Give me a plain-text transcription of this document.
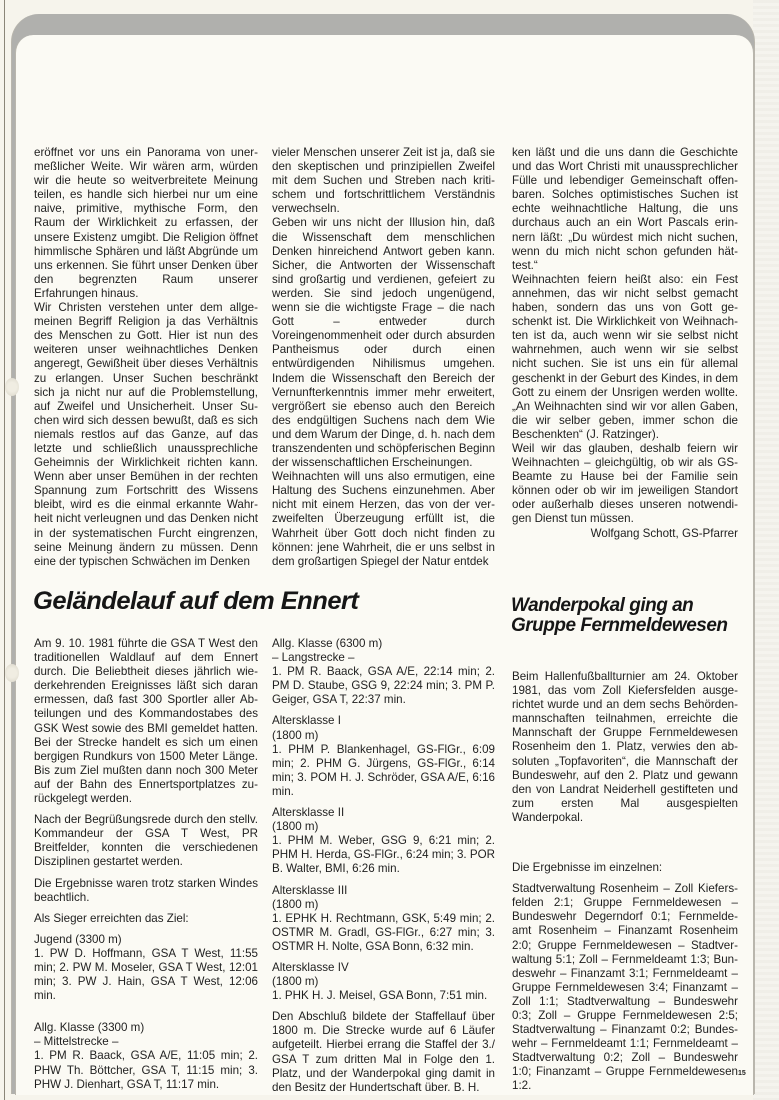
eröffnet vor uns ein Panorama von unermeßlicher Weite. Wir wären arm, würden wir die heute so weitverbreitete Meinung teilen, es handle sich hierbei nur um eine naive, primitive, mythische Form, den Raum der Wirklichkeit zu erfassen, der unsere Existenz umgibt. Die Religion öffnet himmlische Sphären und läßt Abgründe um uns erkennen. Sie führt unser Denken über den begrenzten Raum unserer Erfahrungen hinaus.

Wir Christen verstehen unter dem allgemeinen Begriff Religion ja das Verhältnis des Menschen zu Gott. Hier ist nun des weiteren unser weihnachtliches Denken angeregt, Gewißheit über dieses Verhältnis zu erlangen. Unser Suchen beschränkt sich ja nicht nur auf die Problemstellung, auf Zweifel und Unsicherheit. Unser Suchen wird sich dessen bewußt, daß es sich niemals restlos auf das Ganze, auf das letzte und schließlich unaussprechliche Geheimnis der Wirklichkeit richten kann. Wenn aber unser Bemühen in der rechten Spannung zum Fortschritt des Wissens bleibt, wird es die einmal erkannte Wahrheit nicht verleugnen und das Denken nicht in der systematischen Furcht eingrenzen, seine Meinung ändern zu müssen. Denn eine der typischen Schwächen im Denken

vieler Menschen unserer Zeit ist ja, daß sie den skeptischen und prinzipiellen Zweifel mit dem Suchen und Streben nach kritischem und fortschrittlichem Verständnis verwechseln.

Geben wir uns nicht der Illusion hin, daß die Wissenschaft dem menschlichen Denken hinreichend Antwort geben kann. Sicher, die Antworten der Wissenschaft sind großartig und verdienen, gefeiert zu werden. Sie sind jedoch ungenügend, wenn sie die wichtigste Frage – die nach Gott – entweder durch Voreingenommenheit oder durch absurden Pantheismus oder durch einen entwürdigenden Nihilismus umgehen. Indem die Wissenschaft den Bereich der Vernunfterkenntnis immer mehr erweitert, vergrößert sie ebenso auch den Bereich des endgültigen Suchens nach dem Wie und dem Warum der Dinge, d. h. nach dem transzendenten und schöpferischen Beginn der wissenschaftlichen Erscheinungen.

Weihnachten will uns also ermutigen, eine Haltung des Suchens einzunehmen. Aber nicht mit einem Herzen, das von der verzweifelten Überzeugung erfüllt ist, die Wahrheit über Gott doch nicht finden zu können: jene Wahrheit, die er uns selbst in dem großartigen Spiegel der Natur entdek

ken läßt und die uns dann die Geschichte und das Wort Christi mit unaussprechlicher Fülle und lebendiger Gemeinschaft offenbaren. Solches optimistisches Suchen ist echte weihnachtliche Haltung, die uns durchaus auch an ein Wort Pascals erinnern läßt: „Du würdest mich nicht suchen, wenn du mich nicht schon gefunden hättest.“

Weihnachten feiern heißt also: ein Fest annehmen, das wir nicht selbst gemacht haben, sondern das uns von Gott geschenkt ist. Die Wirklichkeit von Weihnachten ist da, auch wenn wir sie selbst nicht wahrnehmen, auch wenn wir sie selbst nicht suchen. Sie ist uns ein für allemal geschenkt in der Geburt des Kindes, in dem Gott zu einem der Unsrigen werden wollte. „An Weihnachten sind wir vor allen Gaben, die wir selber geben, immer schon die Beschenkten“ (J. Ratzinger).

Weil wir das glauben, deshalb feiern wir Weihnachten – gleichgültig, ob wir als GS-Beamte zu Hause bei der Familie sein können oder ob wir im jeweiligen Standort oder außerhalb dieses unseren notwendigen Dienst tun müssen.

Wolfgang Schott, GS-Pfarrer

Geländelauf auf dem Ennert

Am 9. 10. 1981 führte die GSA T West den traditionellen Waldlauf auf dem Ennert durch. Die Beliebtheit dieses jährlich wiederkehrenden Ereignisses läßt sich daran ermessen, daß fast 300 Sportler aller Abteilungen und des Kommandostabes des GSK West sowie des BMI gemeldet hatten. Bei der Strecke handelt es sich um einen bergigen Rundkurs von 1500 Meter Länge. Bis zum Ziel mußten dann noch 300 Meter auf der Bahn des Ennertsportplatzes zurückgelegt werden.

Nach der Begrüßungsrede durch den stellv. Kommandeur der GSA T West, PR Breitfelder, konnten die verschiedenen Disziplinen gestartet werden.

Die Ergebnisse waren trotz starken Windes beachtlich.

Als Sieger erreichten das Ziel:

Jugend (3300 m)

1. PW D. Hoffmann, GSA T West, 11:55 min; 2. PW M. Moseler, GSA T West, 12:01 min; 3. PW J. Hain, GSA T West, 12:06 min.

Allg. Klasse (3300 m)

– Mittelstrecke –

1. PM R. Baack, GSA A/E, 11:05 min; 2. PHW Th. Böttcher, GSA T, 11:15 min; 3. PHW J. Dienhart, GSA T, 11:17 min.

Allg. Klasse (6300 m)

– Langstrecke –

1. PM R. Baack, GSA A/E, 22:14 min; 2. PM D. Staube, GSG 9, 22:24 min; 3. PM P. Geiger, GSA T, 22:37 min.

Altersklasse I

(1800 m)

1. PHM P. Blankenhagel, GS-FlGr., 6:09 min; 2. PHM G. Jürgens, GS-FlGr., 6:14 min; 3. POM H. J. Schröder, GSA A/E, 6:16 min.

Altersklasse II

(1800 m)

1. PHM M. Weber, GSG 9, 6:21 min; 2. PHM H. Herda, GS-FlGr., 6:24 min; 3. POR B. Walter, BMI, 6:26 min.

Altersklasse III

(1800 m)

1. EPHK H. Rechtmann, GSK, 5:49 min; 2. OSTMR M. Gradl, GS-FlGr., 6:27 min; 3. OSTMR H. Nolte, GSA Bonn, 6:32 min.

Altersklasse IV

(1800 m)

1. PHK H. J. Meisel, GSA Bonn, 7:51 min.

Den Abschluß bildete der Staffellauf über 1800 m. Die Strecke wurde auf 6 Läufer aufgeteilt. Hierbei errang die Staffel der 3./ GSA T zum dritten Mal in Folge den 1. Platz, und der Wanderpokal ging damit in den Besitz der Hundertschaft über. B. H.

Wanderpokal ging an Gruppe Fernmeldewesen

Beim Hallenfußballturnier am 24. Oktober 1981, das vom Zoll Kiefersfelden ausgerichtet wurde und an dem sechs Behördenmannschaften teilnahmen, erreichte die Mannschaft der Gruppe Fernmeldewesen Rosenheim den 1. Platz, verwies den absoluten „Topfavoriten“, die Mannschaft der Bundeswehr, auf den 2. Platz und gewann den von Landrat Neiderhell gestifteten und zum ersten Mal ausgespielten Wanderpokal.

Die Ergebnisse im einzelnen:

Stadtverwaltung Rosenheim – Zoll Kiefersfelden 2:1; Gruppe Fernmeldewesen – Bundeswehr Degerndorf 0:1; Fernmeldeamt Rosenheim – Finanzamt Rosenheim 2:0; Gruppe Fernmeldewesen – Stadtverwaltung 5:1; Zoll – Fernmeldeamt 1:3; Bundeswehr – Finanzamt 3:1; Fernmeldeamt – Gruppe Fernmeldewesen 3:4; Finanzamt – Zoll 1:1; Stadtverwaltung – Bundeswehr 0:3; Zoll – Gruppe Fernmeldewesen 2:5; Stadtverwaltung – Finanzamt 0:2; Bundeswehr – Fernmeldeamt 1:1; Fernmeldeamt – Stadtverwaltung 0:2; Zoll – Bundeswehr 1:0; Finanzamt – Gruppe Fernmeldewesen 1:2.

15
